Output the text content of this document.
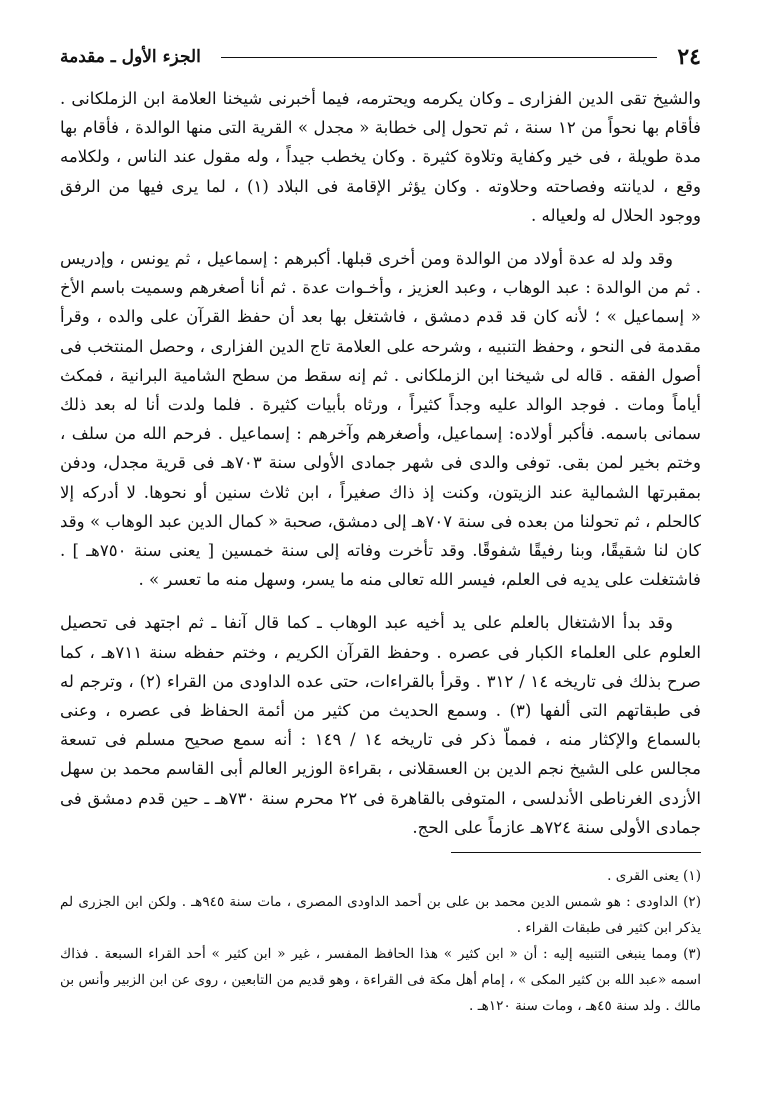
٢٤
الجزء الأول ـ مقدمة

والشيخ تقى الدين الفزارى ـ وكان يكرمه ويحترمه، فيما أخبرنى شيخنا العلامة ابن الزملكانى . فأقام بها نحواً من ١٢ سنة ، ثم تحول إلى خطابة « مجدل » القرية التى منها الوالدة ، فأقام بها مدة طويلة ، فى خير وكفاية وتلاوة كثيرة . وكان يخطب جيداً ، وله مقول عند الناس ، ولكلامه وقع ، لديانته وفصاحته وحلاوته . وكان يؤثر الإقامة فى البلاد (١) ، لما يرى فيها من الرفق ووجود الحلال له ولعياله .

وقد ولد له عدة أولاد من الوالدة ومن أخرى قبلها. أكبرهم : إسماعيل ، ثم يونس ، وإدريس . ثم من الوالدة : عبد الوهاب ، وعبد العزيز ، وأخـوات عدة . ثم أنا أصغرهم وسميت باسم الأخ « إسماعيل » ؛ لأنه كان قد قدم دمشق ، فاشتغل بها بعد أن حفظ القرآن على والده ، وقرأ مقدمة فى النحو ، وحفظ التنبيه ، وشرحه على العلامة تاج الدين الفزارى ، وحصل المنتخب فى أصول الفقه . قاله لى شيخنا ابن الزملكانى . ثم إنه سقط من سطح الشامية البرانية ، فمكث أياماً ومات . فوجد الوالد عليه وجداً كثيراً ، ورثاه بأبيات كثيرة . فلما ولدت أنا له بعد ذلك سمانى باسمه. فأكبر أولاده: إسماعيل، وأصغرهم وآخرهم : إسماعيل . فرحم الله من سلف ، وختم بخير لمن بقى. توفى والدى فى شهر جمادى الأولى سنة ٧٠٣هـ فى قرية مجدل، ودفن بمقبرتها الشمالية عند الزيتون، وكنت إذ ذاك صغيراً ، ابن ثلاث سنين أو نحوها. لا أدركه إلا كالحلم ، ثم تحولنا من بعده فى سنة ٧٠٧هـ إلى دمشق، صحبة « كمال الدين عبد الوهاب » وقد كان لنا شقيقًا، وبنا رفيقًا شفوقًا. وقد تأخرت وفاته إلى سنة خمسين [ يعنى سنة ٧٥٠هـ ] . فاشتغلت على يديه فى العلم، فيسر الله تعالى منه ما يسر، وسهل منه ما تعسر » .

وقد بدأ الاشتغال بالعلم على يد أخيه عبد الوهاب ـ كما قال آنفا ـ ثم اجتهد فى تحصيل العلوم على العلماء الكبار فى عصره . وحفظ القرآن الكريم ، وختم حفظه سنة ٧١١هـ ، كما صرح بذلك فى تاريخه ١٤ / ٣١٢ . وقرأ بالقراءات، حتى عده الداودى من القراء (٢) ، وترجم له فى طبقاتهم التى ألفها (٣) . وسمع الحديث من كثير من أئمة الحفاظ فى عصره ، وعنى بالسماع والإكثار منه ، فمماّ ذكر فى تاريخه ١٤ / ١٤٩ : أنه سمع صحيح مسلم فى تسعة مجالس على الشيخ نجم الدين بن العسقلانى ، بقراءة الوزير العالم أبى القاسم محمد بن سهل الأزدى الغرناطى الأندلسى ، المتوفى بالقاهرة فى ٢٢ محرم سنة ٧٣٠هـ ـ حين قدم دمشق فى جمادى الأولى سنة ٧٢٤هـ عازماً على الحج.

(١) يعنى القرى .

(٢) الداودى : هو شمس الدين محمد بن على بن أحمد الداودى المصرى ، مات سنة ٩٤٥هـ . ولكن ابن الجزرى لم يذكر ابن كثير فى طبقات القراء .

(٣) ومما ينبغى التنبيه إليه : أن « ابن كثير » هذا الحافظ المفسر ، غير « ابن كثير » أحد القراء السبعة . فذاك اسمه «عبد الله بن كثير المكى » ، إمام أهل مكة فى القراءة ، وهو قديم من التابعين ، روى عن ابن الزبير وأنس بن مالك . ولد سنة ٤٥هـ ، ومات سنة ١٢٠هـ .
